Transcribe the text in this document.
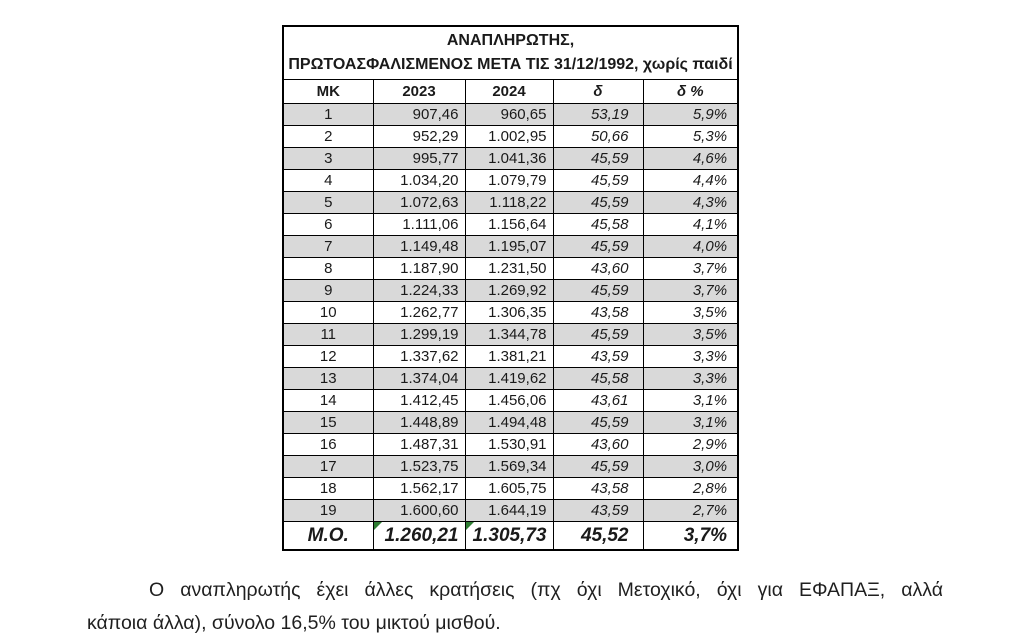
ΑΝΑΠΛΗΡΩΤΗΣ,
ΠΡΩΤΟΑΣΦΑΛΙΣΜΕΝΟΣ ΜΕΤΑ ΤΙΣ 31/12/1992, χωρίς παιδί				

ΜΚ	2023	2024	δ	δ %
1	907,46	960,65	53,19	5,9%
2	952,29	1.002,95	50,66	5,3%
3	995,77	1.041,36	45,59	4,6%
4	1.034,20	1.079,79	45,59	4,4%
5	1.072,63	1.118,22	45,59	4,3%
6	1.111,06	1.156,64	45,58	4,1%
7	1.149,48	1.195,07	45,59	4,0%
8	1.187,90	1.231,50	43,60	3,7%
9	1.224,33	1.269,92	45,59	3,7%
10	1.262,77	1.306,35	43,58	3,5%
11	1.299,19	1.344,78	45,59	3,5%
12	1.337,62	1.381,21	43,59	3,3%
13	1.374,04	1.419,62	45,58	3,3%
14	1.412,45	1.456,06	43,61	3,1%
15	1.448,89	1.494,48	45,59	3,1%
16	1.487,31	1.530,91	43,60	2,9%
17	1.523,75	1.569,34	45,59	3,0%
18	1.562,17	1.605,75	43,58	2,8%
19	1.600,60	1.644,19	43,59	2,7%
Μ.Ο.	1.260,21	1.305,73	45,52	3,7%

Ο αναπληρωτής έχει άλλες κρατήσεις (πχ όχι Μετοχικό, όχι για ΕΦΑΠΑΞ, αλλά
κάποια άλλα), σύνολο 16,5% του μικτού μισθού.
